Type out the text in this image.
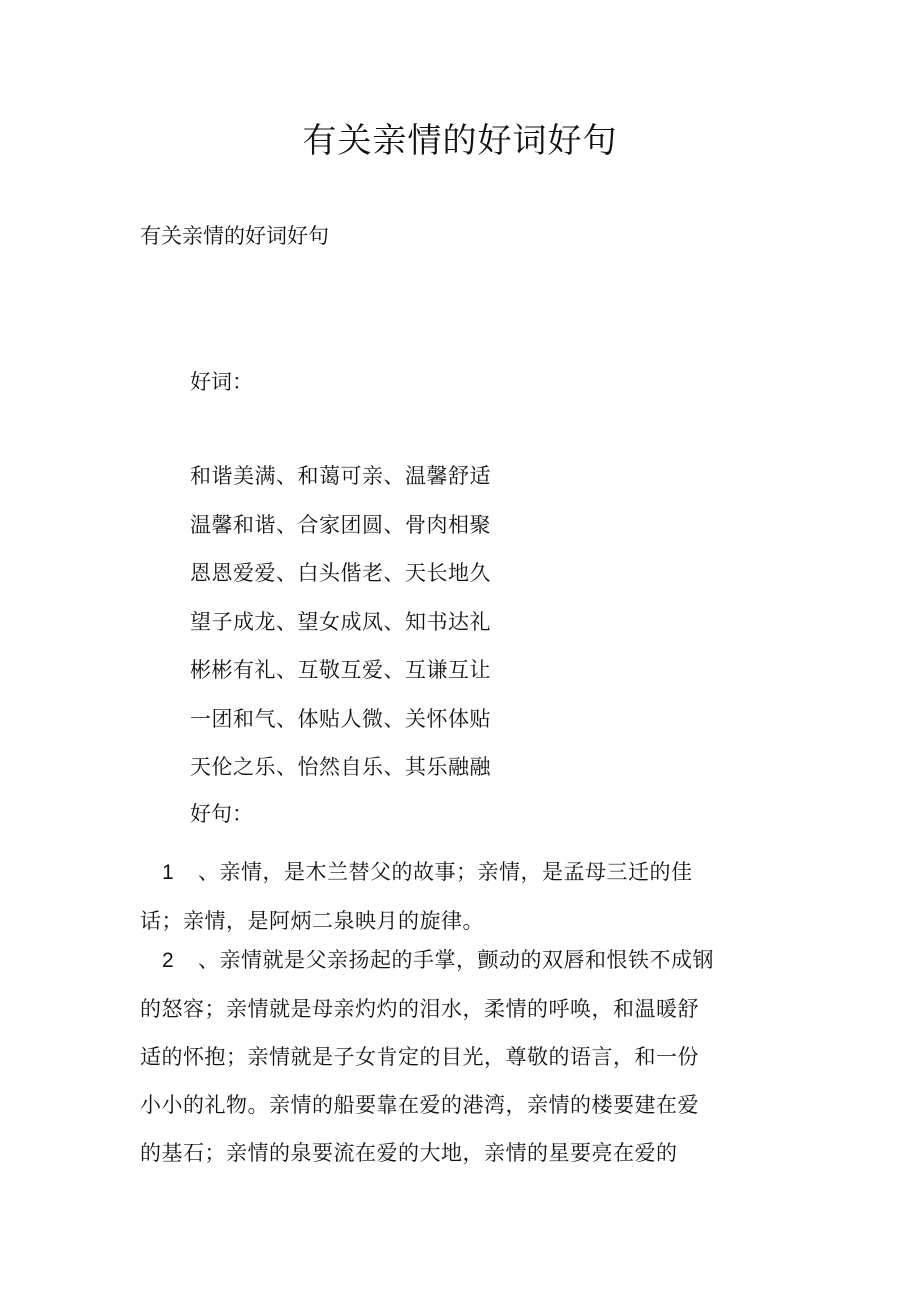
有关亲情的好词好句
有关亲情的好词好句
好词：
和谐美满、和蔼可亲、温馨舒适
温馨和谐、合家团圆、骨肉相聚
恩恩爱爱、白头偕老、天长地久
望子成龙、望女成凤、知书达礼
彬彬有礼、互敬互爱、互谦互让
一团和气、体贴人微、关怀体贴
天伦之乐、怡然自乐、其乐融融
好句：
1 、亲情，是木兰替父的故事；亲情，是孟母三迁的佳话；亲情，是阿炳二泉映月的旋律。
2 、亲情就是父亲扬起的手掌，颤动的双唇和恨铁不成钢的怒容；亲情就是母亲灼灼的泪水，柔情的呼唤，和温暖舒适的怀抱；亲情就是子女肯定的目光，尊敬的语言，和一份小小的礼物。亲情的船要靠在爱的港湾，亲情的楼要建在爱的基石；亲情的泉要流在爱的大地，亲情的星要亮在爱的
